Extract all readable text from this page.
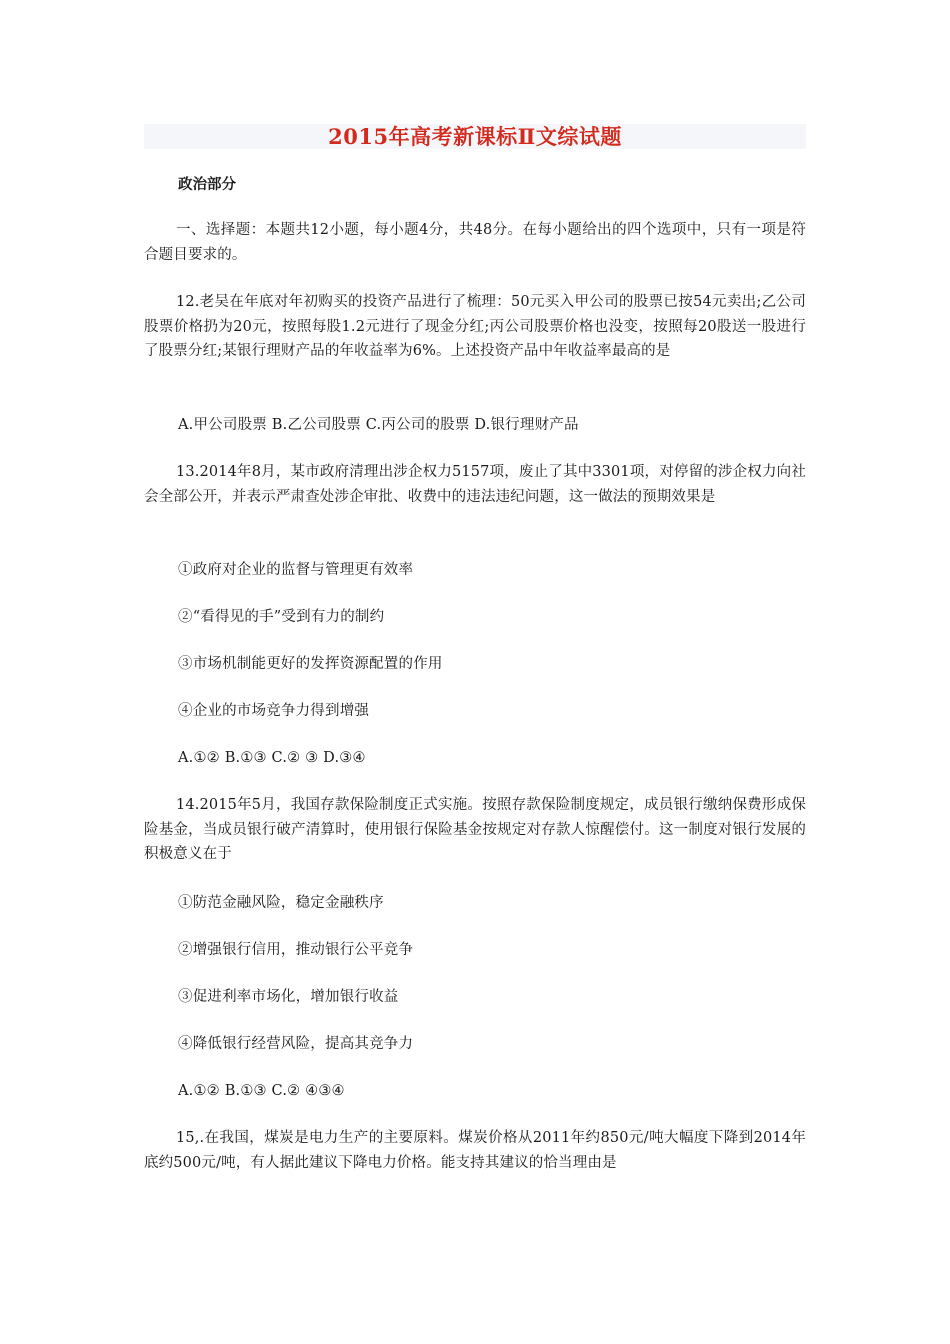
2015年高考新课标Ⅱ文综试题
政治部分
一、选择题：本题共12小题，每小题4分，共48分。在每小题给出的四个选项中，只有一项是符合题目要求的。
12.老吴在年底对年初购买的投资产品进行了梳理：50元买入甲公司的股票已按54元卖出;乙公司股票价格扔为20元，按照每股1.2元进行了现金分红;丙公司股票价格也没变，按照每20股送一股进行了股票分红;某银行理财产品的年收益率为6%。上述投资产品中年收益率最高的是
A.甲公司股票 B.乙公司股票 C.丙公司的股票 D.银行理财产品
13.2014年8月，某市政府清理出涉企权力5157项，废止了其中3301项，对停留的涉企权力向社会全部公开，并表示严肃查处涉企审批、收费中的违法违纪问题，这一做法的预期效果是
①政府对企业的监督与管理更有效率
②“看得见的手”受到有力的制约
③市场机制能更好的发挥资源配置的作用
④企业的市场竞争力得到增强
A.①② B.①③ C.② ③ D.③④
14.2015年5月，我国存款保险制度正式实施。按照存款保险制度规定，成员银行缴纳保费形成保险基金，当成员银行破产清算时，使用银行保险基金按规定对存款人惊醒偿付。这一制度对银行发展的积极意义在于
①防范金融风险，稳定金融秩序
②增强银行信用，推动银行公平竞争
③促进利率市场化，增加银行收益
④降低银行经营风险，提高其竞争力
A.①② B.①③ C.② ④③④
15,.在我国，煤炭是电力生产的主要原料。煤炭价格从2011年约850元/吨大幅度下降到2014年底约500元/吨，有人据此建议下降电力价格。能支持其建议的恰当理由是
